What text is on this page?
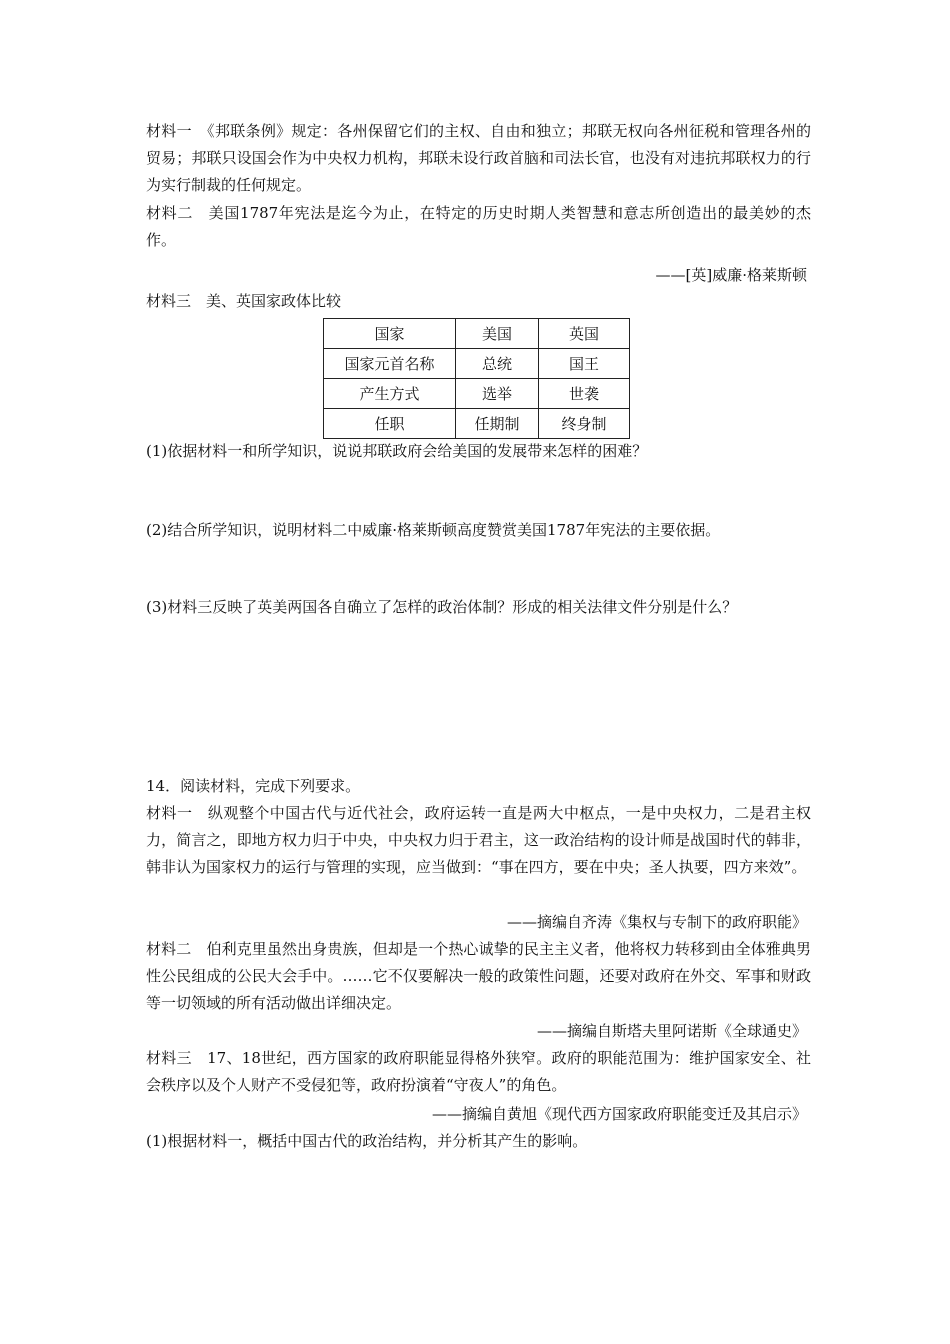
材料一　《邦联条例》规定：各州保留它们的主权、自由和独立；邦联无权向各州征税和管理各州的贸易；邦联只设国会作为中央权力机构，邦联未设行政首脑和司法长官，也没有对违抗邦联权力的行为实行制裁的任何规定。

材料二　美国1787年宪法是迄今为止，在特定的历史时期人类智慧和意志所创造出的最美妙的杰作。

——[英]威廉·格莱斯顿

材料三　美、英国家政体比较

国家	美国	英国
国家元首名称	总统	国王
产生方式	选举	世袭
任职	任期制	终身制

(1)依据材料一和所学知识，说说邦联政府会给美国的发展带来怎样的困难？

(2)结合所学知识，说明材料二中威廉·格莱斯顿高度赞赏美国1787年宪法的主要依据。

(3)材料三反映了英美两国各自确立了怎样的政治体制？形成的相关法律文件分别是什么？

14．阅读材料，完成下列要求。

材料一　纵观整个中国古代与近代社会，政府运转一直是两大中枢点，一是中央权力，二是君主权力，简言之，即地方权力归于中央，中央权力归于君主，这一政治结构的设计师是战国时代的韩非，韩非认为国家权力的运行与管理的实现，应当做到：“事在四方，要在中央；圣人执要，四方来效”。

——摘编自齐涛《集权与专制下的政府职能》

材料二　伯利克里虽然出身贵族，但却是一个热心诚挚的民主主义者，他将权力转移到由全体雅典男性公民组成的公民大会手中。……它不仅要解决一般的政策性问题，还要对政府在外交、军事和财政等一切领域的所有活动做出详细决定。

——摘编自斯塔夫里阿诺斯《全球通史》

材料三　17、18世纪，西方国家的政府职能显得格外狭窄。政府的职能范围为：维护国家安全、社会秩序以及个人财产不受侵犯等，政府扮演着“守夜人”的角色。

——摘编自黄旭《现代西方国家政府职能变迁及其启示》

(1)根据材料一，概括中国古代的政治结构，并分析其产生的影响。
